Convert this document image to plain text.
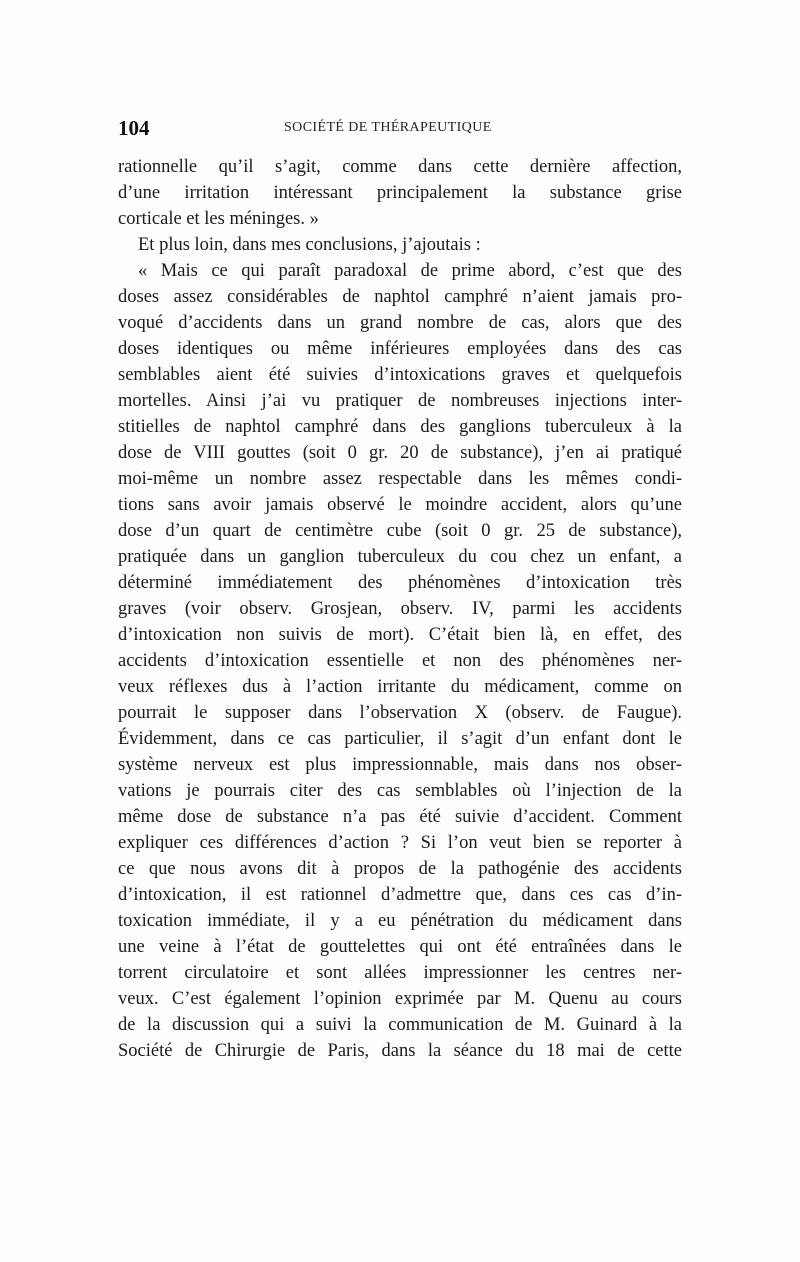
104	SOCIÉTÉ DE THÉRAPEUTIQUE
rationnelle qu’il s’agit, comme dans cette dernière affection,
d’une irritation intéressant principalement la substance grise
corticale et les méninges. »
Et plus loin, dans mes conclusions, j’ajoutais :
« Mais ce qui paraît paradoxal de prime abord, c’est que des
doses assez considérables de naphtol camphré n’aient jamais pro-
voqué d’accidents dans un grand nombre de cas, alors que des
doses identiques ou même inférieures employées dans des cas
semblables aient été suivies d’intoxications graves et quelquefois
mortelles. Ainsi j’ai vu pratiquer de nombreuses injections inter-
stitielles de naphtol camphré dans des ganglions tuberculeux à la
dose de VIII gouttes (soit 0 gr. 20 de substance), j’en ai pratiqué
moi-même un nombre assez respectable dans les mêmes condi-
tions sans avoir jamais observé le moindre accident, alors qu’une
dose d’un quart de centimètre cube (soit 0 gr. 25 de substance),
pratiquée dans un ganglion tuberculeux du cou chez un enfant, a
déterminé immédiatement des phénomènes d’intoxication très
graves (voir observ. Grosjean, observ. IV, parmi les accidents
d’intoxication non suivis de mort). C’était bien là, en effet, des
accidents d’intoxication essentielle et non des phénomènes ner-
veux réflexes dus à l’action irritante du médicament, comme on
pourrait le supposer dans l’observation X (observ. de Faugue).
Évidemment, dans ce cas particulier, il s’agit d’un enfant dont le
système nerveux est plus impressionnable, mais dans nos obser-
vations je pourrais citer des cas semblables où l’injection de la
même dose de substance n’a pas été suivie d’accident. Comment
expliquer ces différences d’action ? Si l’on veut bien se reporter à
ce que nous avons dit à propos de la pathogénie des accidents
d’intoxication, il est rationnel d’admettre que, dans ces cas d’in-
toxication immédiate, il y a eu pénétration du médicament dans
une veine à l’état de gouttelettes qui ont été entraînées dans le
torrent circulatoire et sont allées impressionner les centres ner-
veux. C’est également l’opinion exprimée par M. Quenu au cours
de la discussion qui a suivi la communication de M. Guinard à la
Société de Chirurgie de Paris, dans la séance du 18 mai de cette
